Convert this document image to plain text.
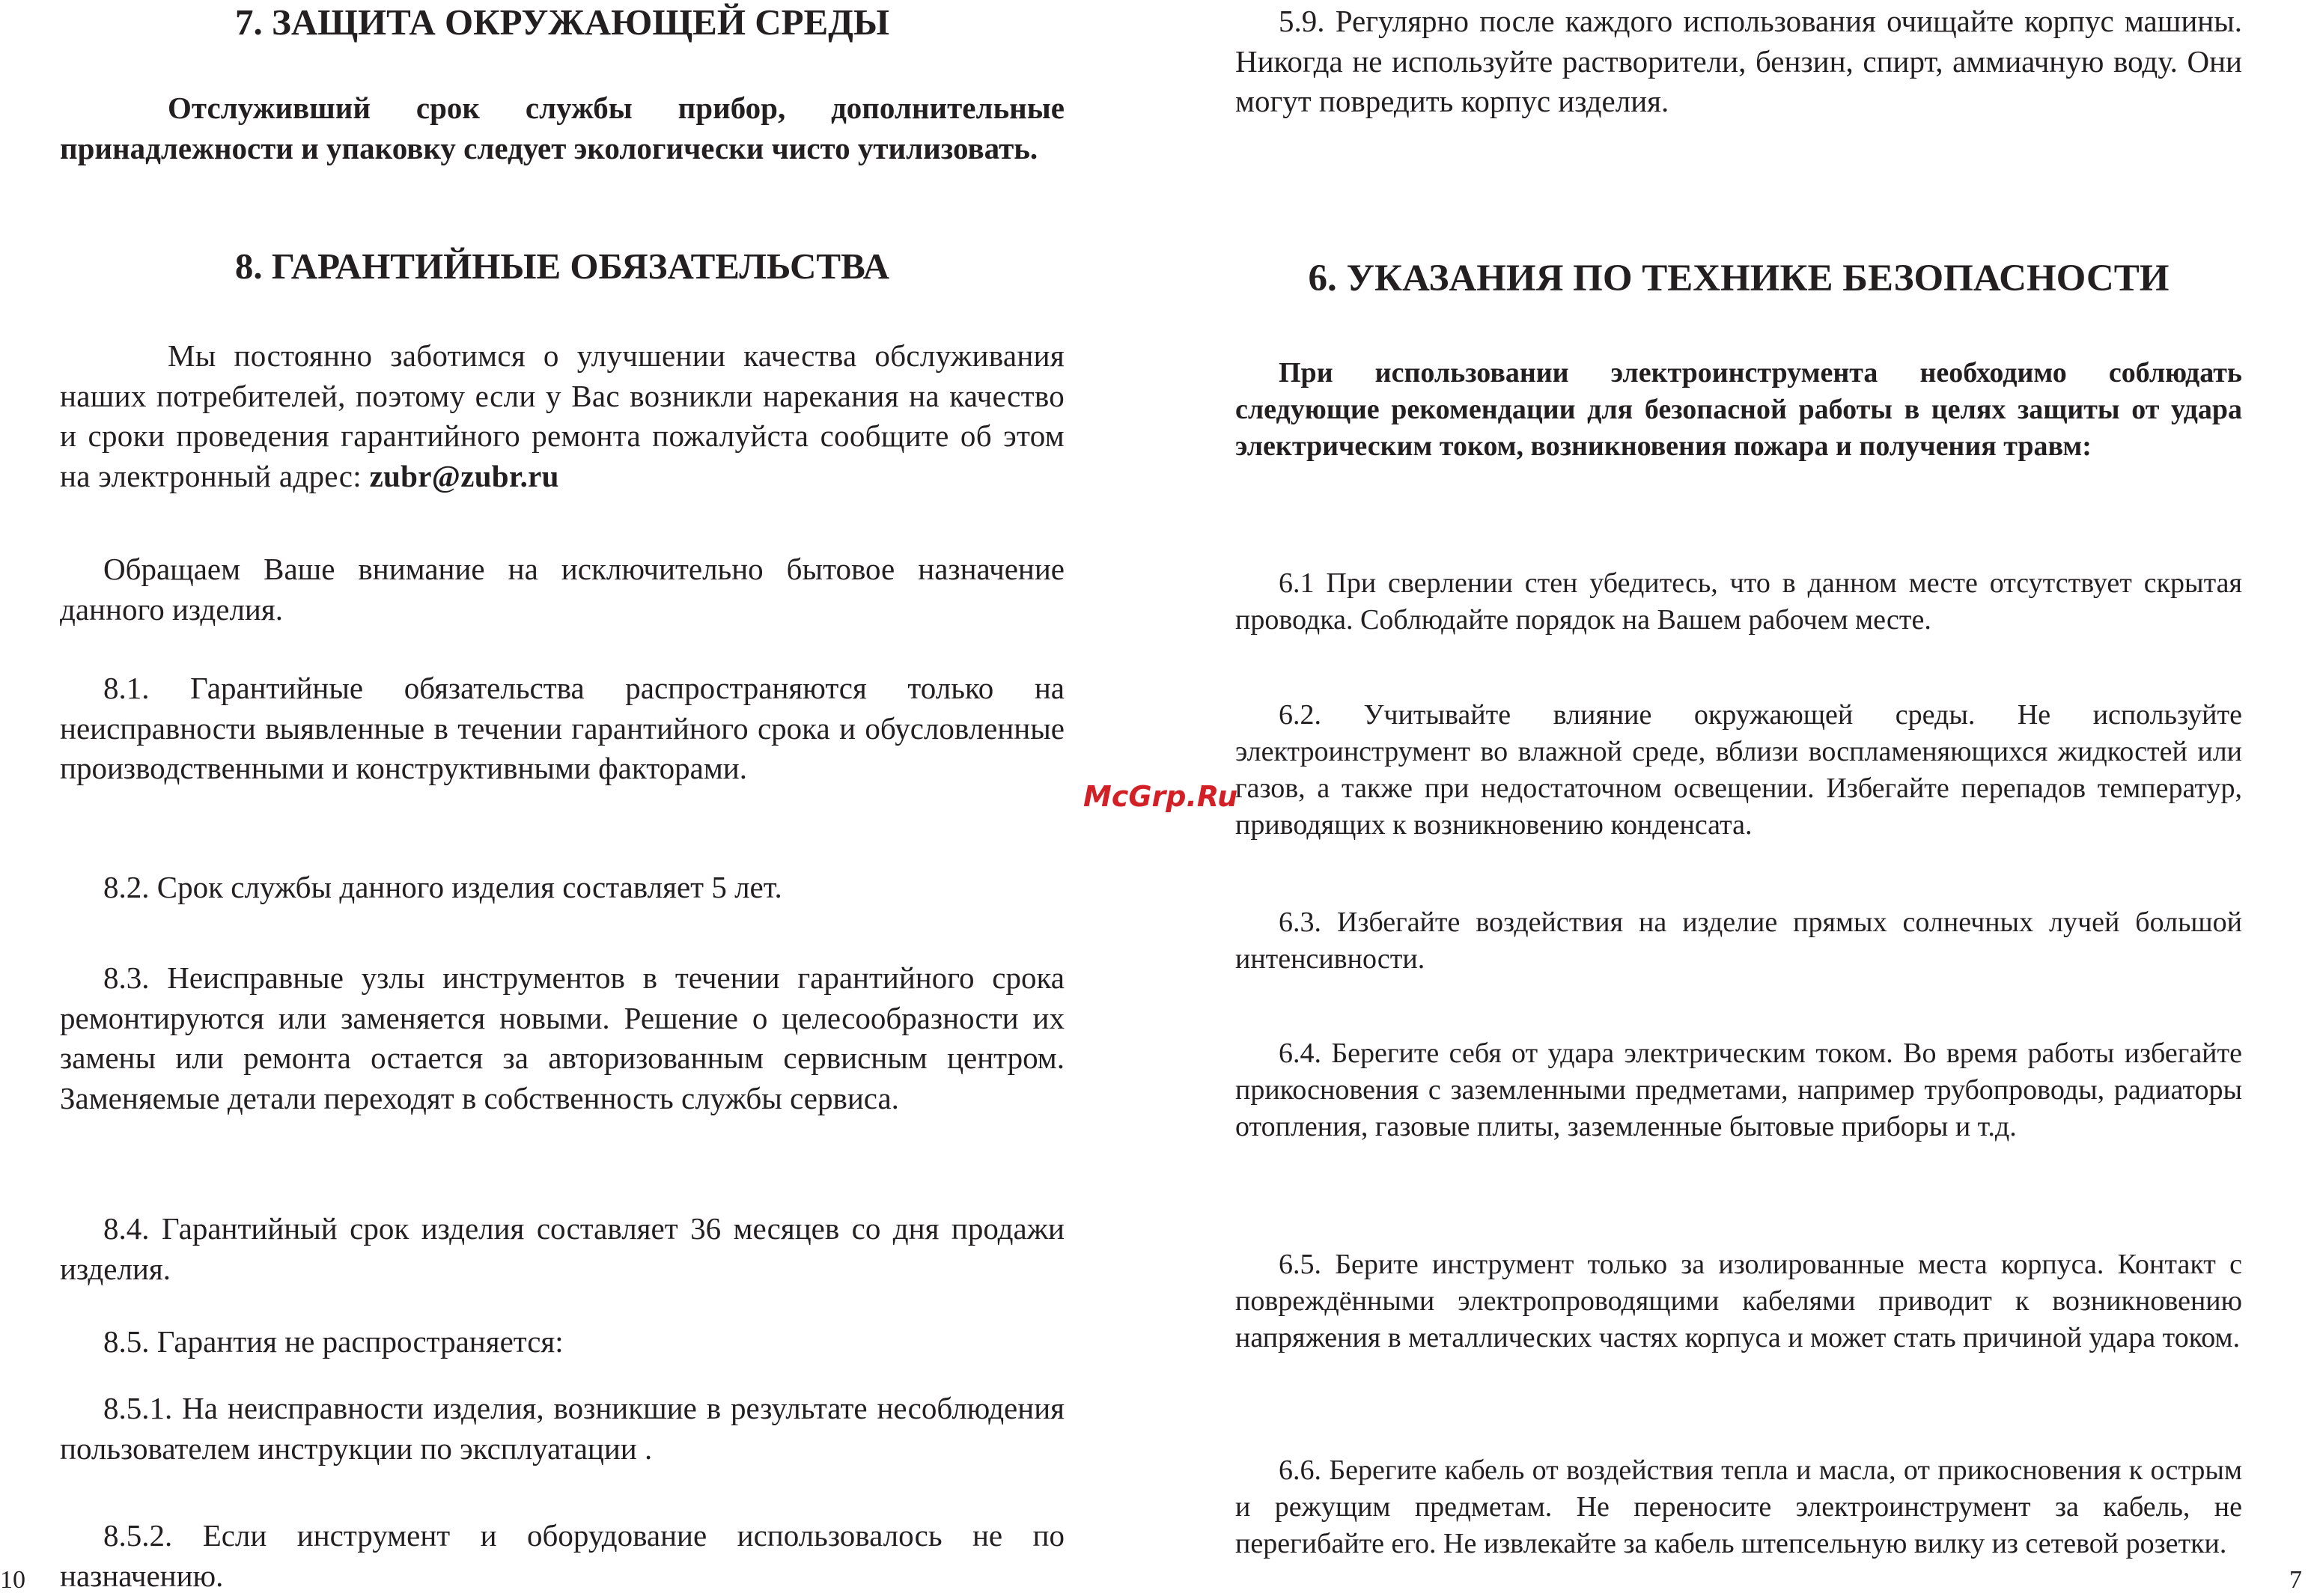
7. ЗАЩИТА ОКРУЖАЮЩЕЙ СРЕДЫ
Отслуживший срок службы прибор, дополнительные принадлежности и упаковку следует экологически чисто утилизовать.
8. ГАРАНТИЙНЫЕ ОБЯЗАТЕЛЬСТВА
Мы постоянно заботимся о улучшении качества обслуживания наших потребителей, поэтому если у Вас возникли нарекания на качество и сроки проведения гарантийного ремонта пожалуйста сообщите об этом на электронный адрес: zubr@zubr.ru
Обращаем Ваше внимание на исключительно бытовое назначение данного изделия.
8.1. Гарантийные обязательства распространяются только на неисправности выявленные в течении гарантийного срока и обусловленные производственными и конструктивными факторами.
8.2. Срок службы данного изделия составляет 5 лет.
8.3. Неисправные узлы инструментов в течении гарантийного срока ремонтируются или заменяется новыми. Решение о целесообразности их замены или ремонта остается за авторизованным сервисным центром. Заменяемые детали переходят в собственность службы сервиса.
8.4. Гарантийный срок изделия составляет 36 месяцев со дня продажи изделия.
8.5. Гарантия не распространяется:
8.5.1. На неисправности изделия, возникшие в результате несоблюдения пользователем инструкции по эксплуатации .
8.5.2. Если инструмент и оборудование использовалось не по назначению.
10
McGrp.Ru
5.9. Регулярно после каждого использования очищайте корпус машины. Никогда не используйте растворители, бензин, спирт, аммиачную воду. Они могут повредить корпус изделия.
6. УКАЗАНИЯ ПО ТЕХНИКЕ БЕЗОПАСНОСТИ
При использовании электроинструмента необходимо соблюдать следующие рекомендации для безопасной работы в целях защиты от удара электрическим током, возникновения пожара и получения травм:
6.1 При сверлении стен убедитесь, что в данном месте отсутствует скрытая проводка. Соблюдайте порядок на Вашем рабочем месте.
6.2. Учитывайте влияние окружающей среды. Не используйте электроинструмент во влажной среде, вблизи воспламеняющихся жидкостей или газов, а также при недостаточном освещении. Избегайте перепадов температур, приводящих к возникновению конденсата.
6.3. Избегайте воздействия на изделие прямых солнечных лучей большой интенсивности.
6.4. Берегите себя от удара электрическим током. Во время работы избегайте прикосновения с заземленными предметами, например трубопроводы, радиаторы отопления, газовые плиты, заземленные бытовые приборы и т.д.
6.5. Берите инструмент только за изолированные места корпуса. Контакт с повреждёнными электропроводящими кабелями приводит к возникновению напряжения в металлических частях корпуса и может стать причиной удара током.
6.6. Берегите кабель от воздействия тепла и масла, от прикосновения к острым и режущим предметам. Не переносите электроинструмент за кабель, не перегибайте его. Не извлекайте за кабель штепсельную вилку из сетевой розетки.
7
